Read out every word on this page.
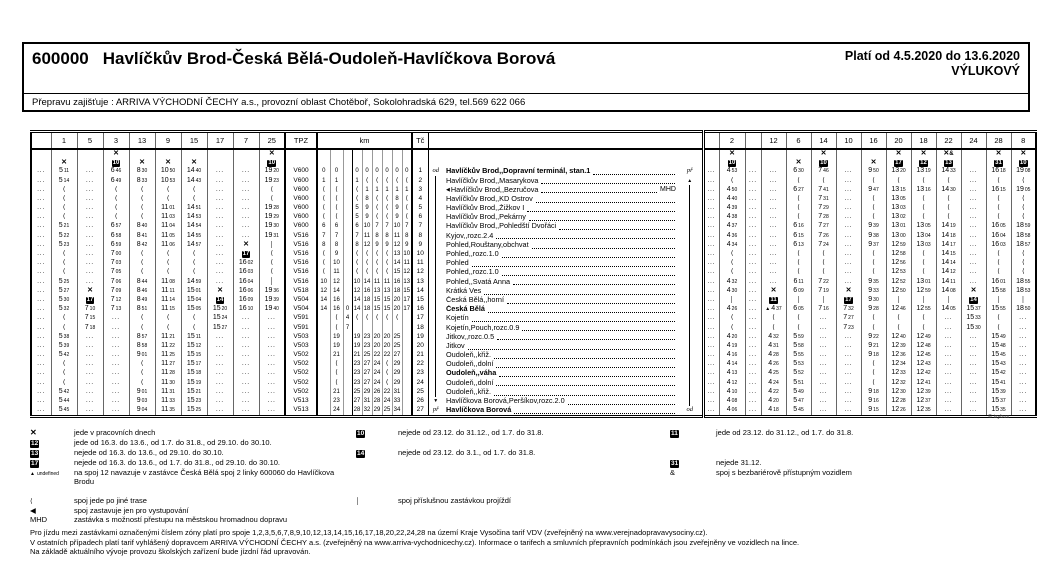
600000 Havlíčkův Brod-Česká Bělá-Oudoleň-Havlíčkova Borová	Platí od 4.5.2020 do 13.6.2020
VÝLUKOVÝ
Přepravu zajišťuje : ARRIVA VÝCHODNÍ ČECHY a.s., provozní oblast Chotěboř, Sokolohradská 629, tel.569 622 066
	1	5	3	13	9	15	17	7	25	TPZ	km									Tč					2		12	6	14	10	16	20	18	22	24	28	8
			✕						✕																✕				✕			✕	✕	✕&		✕	✕
	✕		10	✕	✕	✕			10																10			✕	10		✕	17	12	13		31	10
...	511	...	646	830	1050	1440	...	...	1920	V600	0	0		0	0	0	0	0	0	1	od	Havlíčkův Brod,,Dopravní terminál, stan.1	př	...	453	...	...	630	746	...	950	1320	1319	1433	...	1618	1908
...	514	...	649	833	1053	1443	...	...	1923	V600	1	1		1	⟨	⟨	⟨	⟨	⟨	2		Havlíčkův Brod,,Masarykova	▲	...	⟨	...	...	⟨	⟨	...	⟨	⟨	⟨	⟨	...	⟨	⟨
...	⟨	...	⟨	⟨	⟨	⟨	...	...	⟨	V600	⟨	⟨		⟨	1	1	1	1	1	3		◀ Havlíčkův Brod,,Bezručova MHD		...	450	...	...	627	741	...	947	1315	1316	1430	...	1615	1905
...	⟨	...	⟨	⟨	⟨	⟨	...	...	⟨	V600	⟨	⟨		⟨	8	⟨	⟨	8	⟨	4		Havlíčkův Brod,,KD Ostrov		...	440	...	...	⟨	731	...	⟨	1305	⟨	⟨	...	⟨	⟨
...	⟨	...	⟨	⟨	1101	1451	...	...	1928	V600	⟨	⟨		5	9	⟨	⟨	9	⟨	5		Havlíčkův Brod,,Žižkov I		...	439	...	...	⟨	729	...	⟨	1303	⟨	⟨	...	⟨	⟨
...	⟨	...	⟨	⟨	1103	1453	...	...	1929	V600	⟨	⟨		5	9	⟨	⟨	9	⟨	6		Havlíčkův Brod,,Pekárny		...	438	...	...	⟨	728	...	⟨	1302	⟨	⟨	...	⟨	⟨
...	521	...	657	840	1104	1454	...	...	1930	V600	6	6		6	10	7	7	10	7	7		Havlíčkův Brod,,Pohledští Dvořáci		...	437	...	...	616	727	...	939	1301	1305	1419	...	1605	1859
...	522	...	658	841	1105	1455	...	...	1931	V516	7	7		7	11	8	8	11	8	8		Kyjov,,rozc.2.4		...	436	...	...	615	726	...	938	1300	1304	1418	...	1604	1858
...	523	...	659	842	1106	1457	...	✕	│	V516	8	8		8	12	9	9	12	9	9		Pohled,Rouštany,obchvat		...	434	...	...	613	724	...	937	1259	1303	1417	...	1603	1857
...	⟨	...	700	⟨	⟨	⟨	...	17	⟨	V516	⟨	9		⟨	⟨	⟨	⟨	13	10	10		Pohled,,rozc.1.0		...	⟨	...	...	⟨	⟨	...	⟨	1258	⟨	1415	...	⟨	⟨
...	⟨	...	703	⟨	⟨	⟨	...	1602	⟨	V516	⟨	10		⟨	⟨	⟨	⟨	14	11	11		Pohled		...	⟨	...	...	⟨	⟨	...	⟨	1256	⟨	1414	...	⟨	⟨
...	⟨	...	705	⟨	⟨	⟨	...	1603	⟨	V516	⟨	11		⟨	⟨	⟨	⟨	15	12	12		Pohled,,rozc.1.0		...	⟨	...	...	⟨	⟨	...	⟨	1253	⟨	1412	...	⟨	⟨
...	525	...	706	844	1108	1459	...	1604	│	V516	10	12		10	14	11	11	16	13	13		Pohled,,Svatá Anna		...	432	...	...	611	722	...	935	1252	1301	1411	...	1601	1855
...	527	✕	709	846	1111	1501	✕	1606	1936	V518	12	14		12	16	13	13	18	15	14		Krátká Ves		...	430	...	✕	609	719	✕	933	1250	1259	1408	✕	1558	1853
...	530	17	712	849	1114	1504	14	1609	1939	V504	14	16		14	18	15	15	20	17	15		Česká Bělá,,horní		...	│	...	11	│	│	17	930	│	│	│	14	│	│
...	532	710	713	851	1115	1505	1520	1610	1940	V504	14	16	0	14	18	15	15	20	17	16		Česká Bělá		...	426	...	▲437	605	716	732	928	1246	1255	1405	1537	1555	1850
...	⟨	715	...	⟨	⟨	⟨	1524	...	...	V591		⟨	4	⟨	⟨	⟨	⟨	⟨		17		Kojetín		...	⟨	...	⟨	⟨	...	727	⟨	⟨	⟨	...	1533	⟨	...
...	⟨	718	...	⟨	⟨	⟨	1527	...	...	V591		⟨	7							18		Kojetín,Pouch,rozc.0.9		...	⟨	...	⟨	⟨	...	723	⟨	⟨	⟨	...	1530	⟨	...
...	538	...	...	857	1121	1511	...	...	...	V503		19		19	23	20	20	25		19		Jitkov,,rozc.0.5		...	420	...	432	559	...	...	922	1240	1249	...	...	1549	...
...	539	...	...	858	1122	1512	...	...	...	V503		19		19	23	20	20	25		20		Jitkov		...	419	...	431	558	...	...	921	1239	1248	...	...	1548	...
...	542	...	...	901	1125	1515	...	...	...	V502		21		21	25	22	22	27		21		Oudoleň,,křiž.		...	416	...	428	555	...	...	918	1236	1245	...	...	1545	...
...	⟨	...	...	⟨	1127	1517	...	...	...	V502		⟨		23	27	24	⟨	29		22		Oudoleň,,dolní		...	414	...	426	553	...	...	⟨	1234	1243	...	...	1543	...
...	⟨	...	...	⟨	1128	1518	...	...	...	V502		⟨		23	27	24	⟨	29		23		Oudoleň,,váha		...	413	...	425	552	...	...	⟨	1233	1242	...	...	1542	...
...	⟨	...	...	⟨	1130	1519	...	...	...	V502		⟨		23	27	24	⟨	29		24		Oudoleň,,dolní		...	412	...	424	551	...	...	⟨	1232	1241	...	...	1541	...
...	542	...	...	901	1131	1521	...	...	...	V502		21		25	29	26	22	31		25		Oudoleň,,křiž.		...	410	...	422	549	...	...	918	1230	1239	...	...	1539	...
...	544	...	...	903	1133	1523	...	...	...	V513		23		27	31	28	24	33		26	▼	Havlíčkova Borová,Peršíkov,rozc.2.0		...	408	...	420	547	...	...	916	1228	1237	...	...	1537	...
...	545	...	...	904	1135	1525	...	...	...	V513		24		28	32	29	25	34		27	př	Havlíčkova Borová	od	...	406	...	418	545	...	...	915	1226	1235	...	...	1535	...
© isybus
✕	jede v pracovních dnech	10	nejede od 23.12. do 31.12., od 1.7. do 31.8.	11	jede od 23.12. do 31.12., od 1.7. do 31.8.
12	jede od 16.3. do 13.6., od 1.7. do 31.8., od 29.10. do 30.10.
13	nejede od 16.3. do 13.6., od 29.10. do 30.10.	14	nejede od 23.12. do 3.1., od 1.7. do 31.8.
17	nejede od 16.3. do 13.6., od 1.7. do 31.8., od 29.10. do 30.10.	31	nejede 31.12.
▲ undefined	na spoj 12 navazuje v zastávce Česká Bělá spoj 2 linky 600060 do Havlíčkova Brodu
&	spoj s bezbariérově přístupným vozidlem
⟨	spoj jede po jiné trase	│	spoj příslušnou zastávkou projíždí
◀	spoj zastavuje jen pro vystupování
MHD	zastávka s možností přestupu na městskou hromadnou dopravu

Pro jízdu mezi zastávkami označenými číslem zóny platí pro spoje 1,2,3,5,6,7,8,9,10,12,13,14,15,16,17,18,20,22,24,28 na území Kraje Vysočina tarif VDV (zveřejněný na www.verejnadopravavysociny.cz).

V ostatních případech platí tarif vyhlášený dopravcem ARRIVA VÝCHODNÍ ČECHY a.s. (zveřejněný na www.arriva-vychodnicechy.cz). Informace o tarifech a smluvních přepravních podmínkách jsou zveřejněny ve vozidlech na lince.

Na základě aktuálního vývoje provozu školských zařízení bude jízdní řád upravován.
